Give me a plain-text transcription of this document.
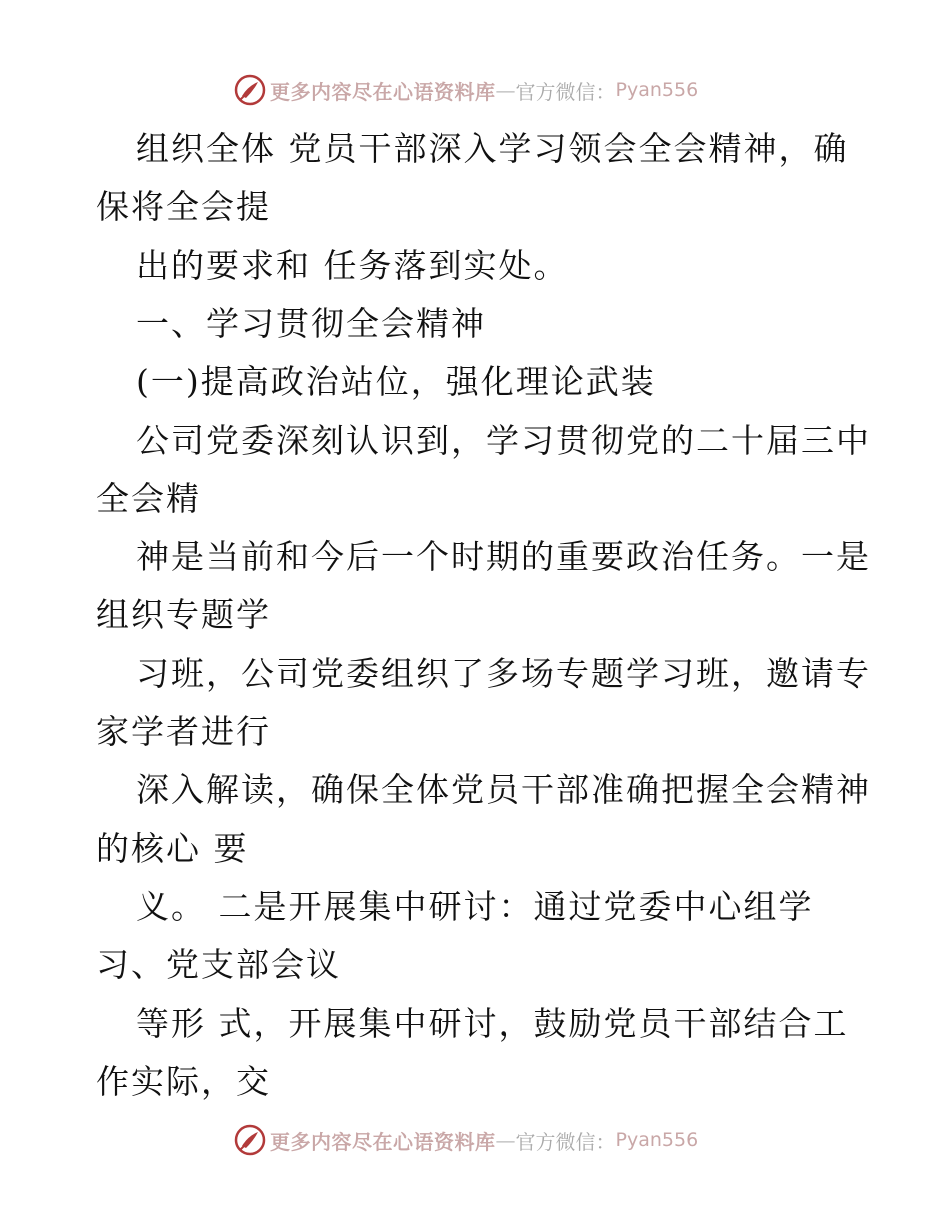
更多内容尽在心语资料库 — 官方微信： Pyan556
组织全体 党员干部深入学习领会全会精神，确
保将全会提
出的要求和 任务落到实处。
一、学习贯彻全会精神
(一)提高政治站位，强化理论武装
公司党委深刻认识到，学习贯彻党的二十届三中
全会精
神是当前和今后一个时期的重要政治任务。一是
组织专题学
习班，公司党委组织了多场专题学习班，邀请专
家学者进行
深入解读，确保全体党员干部准确把握全会精神
的核心 要
义。 二是开展集中研讨：通过党委中心组学
习、党支部会议
等形 式，开展集中研讨，鼓励党员干部结合工
作实际，交
更多内容尽在心语资料库 — 官方微信： Pyan556
